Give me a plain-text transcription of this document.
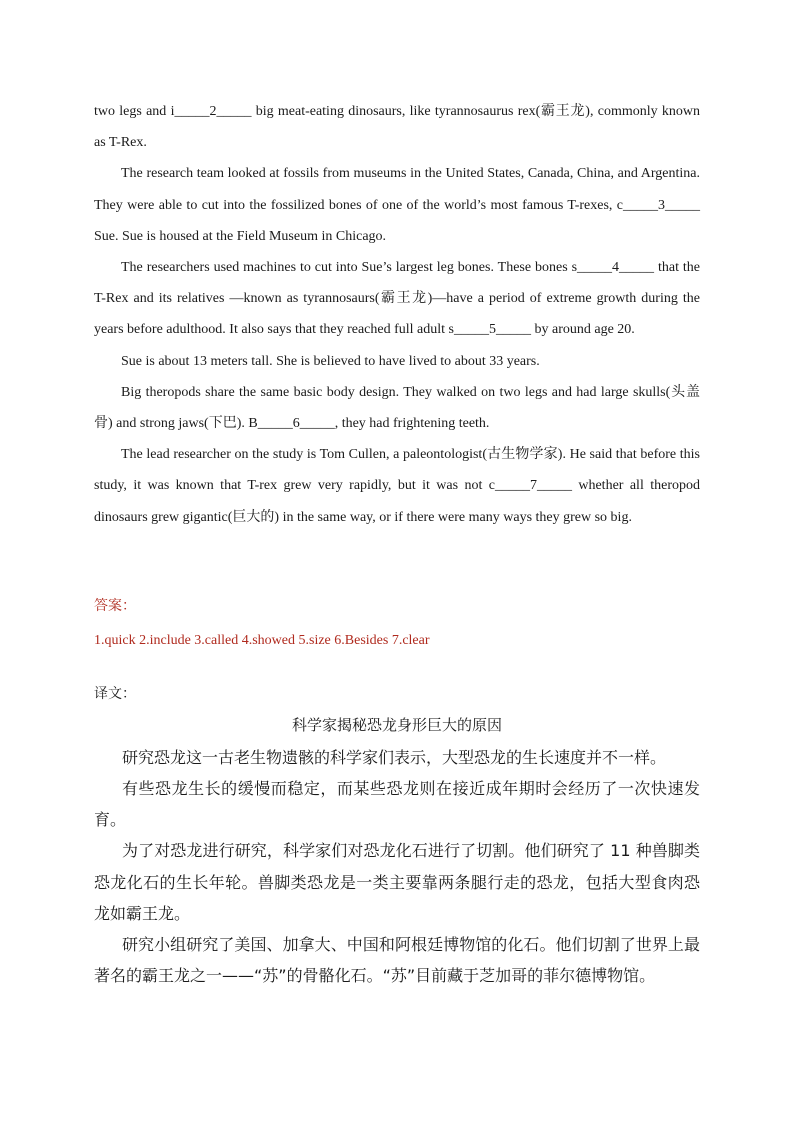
two legs and i_____2_____ big meat-eating dinosaurs, like tyrannosaurus rex(霸王龙), commonly known as T-Rex.

The research team looked at fossils from museums in the United States, Canada, China, and Argentina. They were able to cut into the fossilized bones of one of the world’s most famous T-rexes, c_____3_____ Sue. Sue is housed at the Field Museum in Chicago.

The researchers used machines to cut into Sue’s largest leg bones. These bones s_____4_____ that the T-Rex and its relatives —known as tyrannosaurs(霸王龙)—have a period of extreme growth during the years before adulthood. It also says that they reached full adult s_____5_____ by around age 20.

Sue is about 13 meters tall. She is believed to have lived to about 33 years.

Big theropods share the same basic body design. They walked on two legs and had large skulls(头盖骨) and strong jaws(下巴). B_____6_____, they had frightening teeth.

The lead researcher on the study is Tom Cullen, a paleontologist(古生物学家). He said that before this study, it was known that T-rex grew very rapidly, but it was not c_____7_____ whether all theropod dinosaurs grew gigantic(巨大的) in the same way, or if there were many ways they grew so big.

答案：
1.quick 2.include 3.called 4.showed 5.size 6.Besides 7.clear
译文：
科学家揭秘恐龙身形巨大的原因

研究恐龙这一古老生物遗骸的科学家们表示，大型恐龙的生长速度并不一样。

有些恐龙生长的缓慢而稳定，而某些恐龙则在接近成年期时会经历了一次快速发育。

为了对恐龙进行研究，科学家们对恐龙化石进行了切割。他们研究了 11 种兽脚类恐龙化石的生长年轮。兽脚类恐龙是一类主要靠两条腿行走的恐龙，包括大型食肉恐龙如霸王龙。

研究小组研究了美国、加拿大、中国和阿根廷博物馆的化石。他们切割了世界上最著名的霸王龙之一——“苏”的骨骼化石。“苏”目前藏于芝加哥的菲尔德博物馆。
